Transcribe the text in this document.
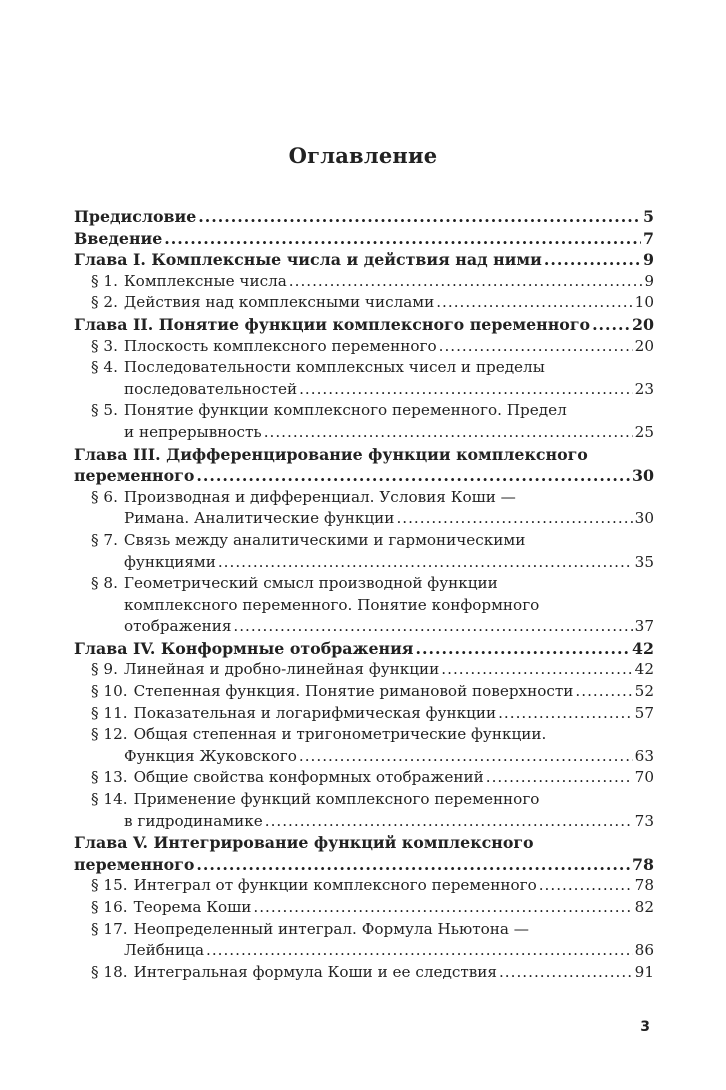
Оглавление
Предисловие .....	5
Введение .....	7
Глава I. Комплексные числа и действия над ними .....	9
§ 1. Комплексные числа .....	9
§ 2. Действия над комплексными числами .....	10
Глава II. Понятие функции комплексного переменного .....	20
§ 3. Плоскость комплексного переменного .....	20
§ 4. Последовательности комплексных чисел и пределы
последовательностей .....	23
§ 5. Понятие функции комплексного переменного. Предел
и непрерывность .....	25
Глава III. Дифференцирование функции комплексного
переменного .....	30
§ 6. Производная и дифференциал. Условия Коши —
Римана. Аналитические функции .....	30
§ 7. Связь между аналитическими и гармоническими
функциями .....	35
§ 8. Геометрический смысл производной функции
комплексного переменного. Понятие конформного
отображения .....	37
Глава IV. Конформные отображения .....	42
§ 9. Линейная и дробно-линейная функции .....	42
§ 10. Степенная функция. Понятие римановой поверхности .....	52
§ 11. Показательная и логарифмическая функции .....	57
§ 12. Общая степенная и тригонометрические функции.
Функция Жуковского .....	63
§ 13. Общие свойства конформных отображений .....	70
§ 14. Применение функций комплексного переменного
в гидродинамике .....	73
Глава V. Интегрирование функций комплексного
переменного .....	78
§ 15. Интеграл от функции комплексного переменного .....	78
§ 16. Теорема Коши .....	82
§ 17. Неопределенный интеграл. Формула Ньютона —
Лейбница .....	86
§ 18. Интегральная формула Коши и ее следствия .....	91
3
